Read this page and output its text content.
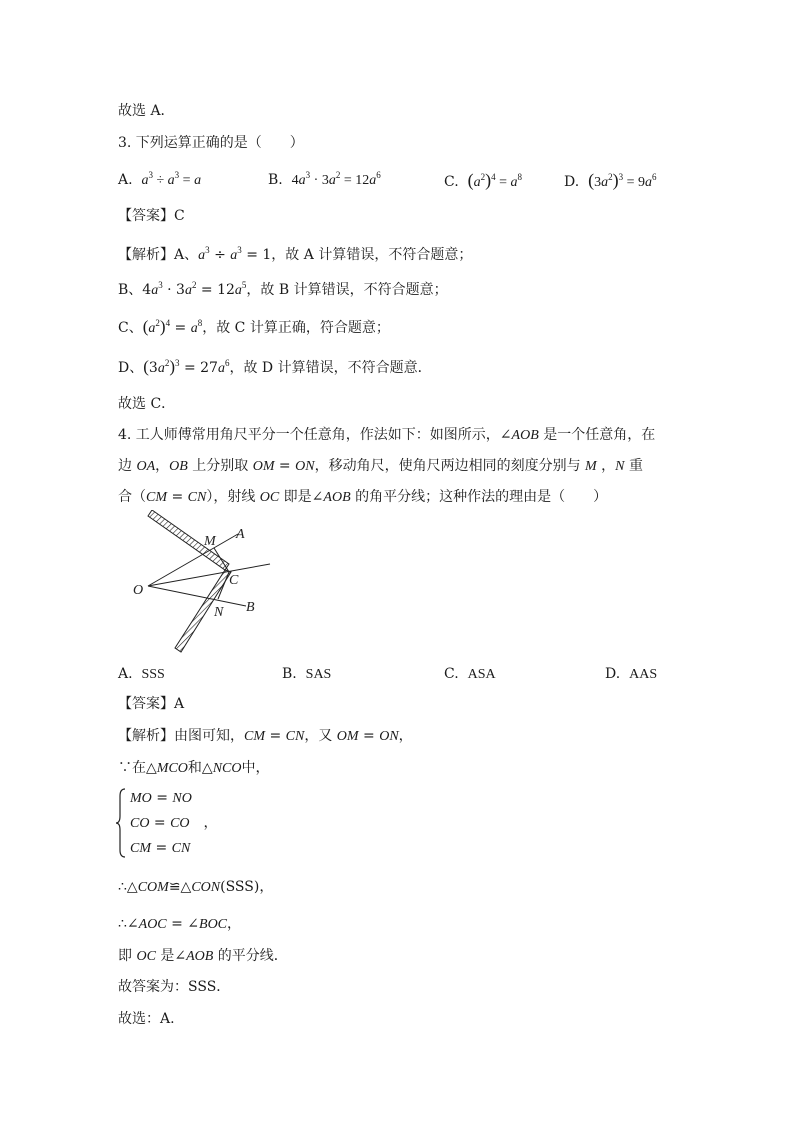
故选 A．
3. 下列运算正确的是（　　）
A. $a^3 \div a^3 = a$	B. $4a^3 \cdot 3a^2 = 12a^6$	C. $(a^2)^4 = a^8$	D. $(3a^2)^3 = 9a^6$
【答案】C
【解析】A、$a^3 \div a^3 = 1$，故 A 计算错误，不符合题意；
B、$4a^3 \cdot 3a^2 = 12a^5$，故 B 计算错误，不符合题意；
C、$(a^2)^4 = a^8$，故 C 计算正确，符合题意；
D、$(3a^2)^3 = 27a^6$，故 D 计算错误，不符合题意．
故选 C．
4. 工人师傅常用角尺平分一个任意角，作法如下：如图所示，∠AOB 是一个任意角，在
边 OA，OB 上分别取 OM = ON，移动角尺，使角尺两边相同的刻度分别与 M ，N 重
合（CM = CN），射线 OC 即是∠AOB 的角平分线；这种作法的理由是（　　）
A
M
C
O
B
N
A. SSS	B. SAS	C. ASA	D. AAS
【答案】A
【解析】由图可知，CM = CN，又 OM = ON，
∵在△MCO和△NCO中，
MO = NO
CO = CO　，
CM = CN
∴△COM≌△CON(SSS)，
∴∠AOC = ∠BOC，
即 OC 是∠AOB 的平分线．
故答案为：SSS．
故选：A.
